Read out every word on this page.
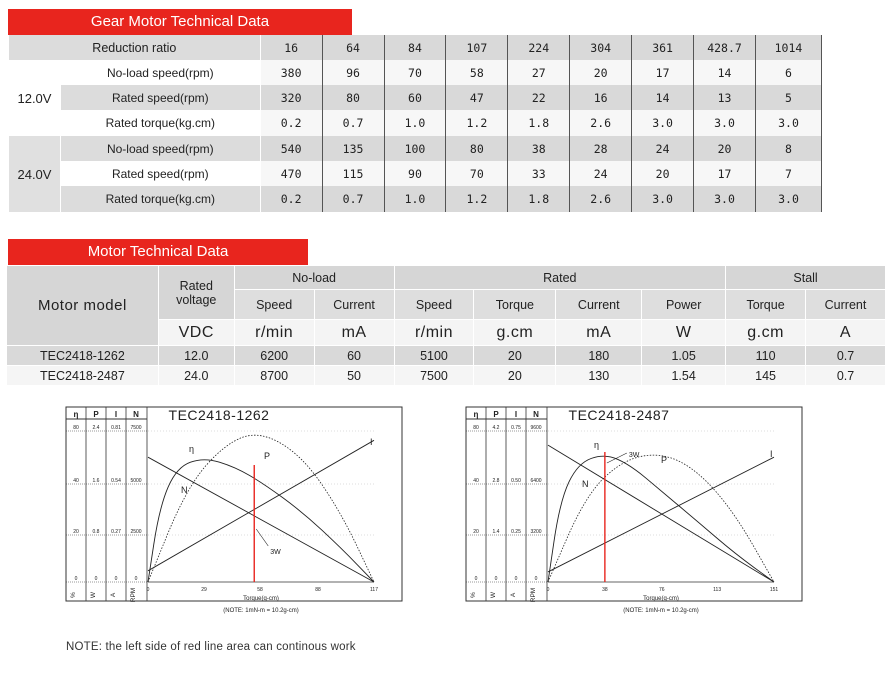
Gear Motor Technical Data
Reduction ratio		16	64	84	107	224	304	361	428.7	1014
12.0V	No-load speed(rpm)	380	96	70	58	27	20	17	14	6
	Rated speed(rpm)	320	80	60	47	22	16	14	13	5
	Rated torque(kg.cm)	0.2	0.7	1.0	1.2	1.8	2.6	3.0	3.0	3.0
24.0V	No-load speed(rpm)	540	135	100	80	38	28	24	20	8
	Rated speed(rpm)	470	115	90	70	33	24	20	17	7
	Rated torque(kg.cm)	0.2	0.7	1.0	1.2	1.8	2.6	3.0	3.0	3.0
Motor Technical Data
Motor model	Rated voltage	No-load		Rated				Stall	
		Speed	Current	Speed	Torque	Current	Power	Torque	Current
	VDC	r/min	mA	r/min	g.cm	mA	W	g.cm	A
TEC2418-1262	12.0	6200	60	5100	20	180	1.05	110	0.7
TEC2418-2487	24.0	8700	50	7500	20	130	1.54	145	0.7
η P I N TEC2418-1262
80	2.4 0.81 7500
40	1.6 0.54 5000
20	0.8 0.27 2500
0	0	0	0
% W A RPM 0	29	58	88	117
Torque(g-cm)
(NOTE: 1mN-m = 10.2g-cm)
η
P
I
N
3W
η P I N TEC2418-2487
80	4.2 0.75 9600
40	2.8 0.50 6400
20	1.4 0.25 3200
0	0	0	0
% W A RPM 0	38	76	113	151
Torque(g-cm)
(NOTE: 1mN-m = 10.2g-cm)
η
P
I
N
3W
NOTE: the left side of red line area can continous work
